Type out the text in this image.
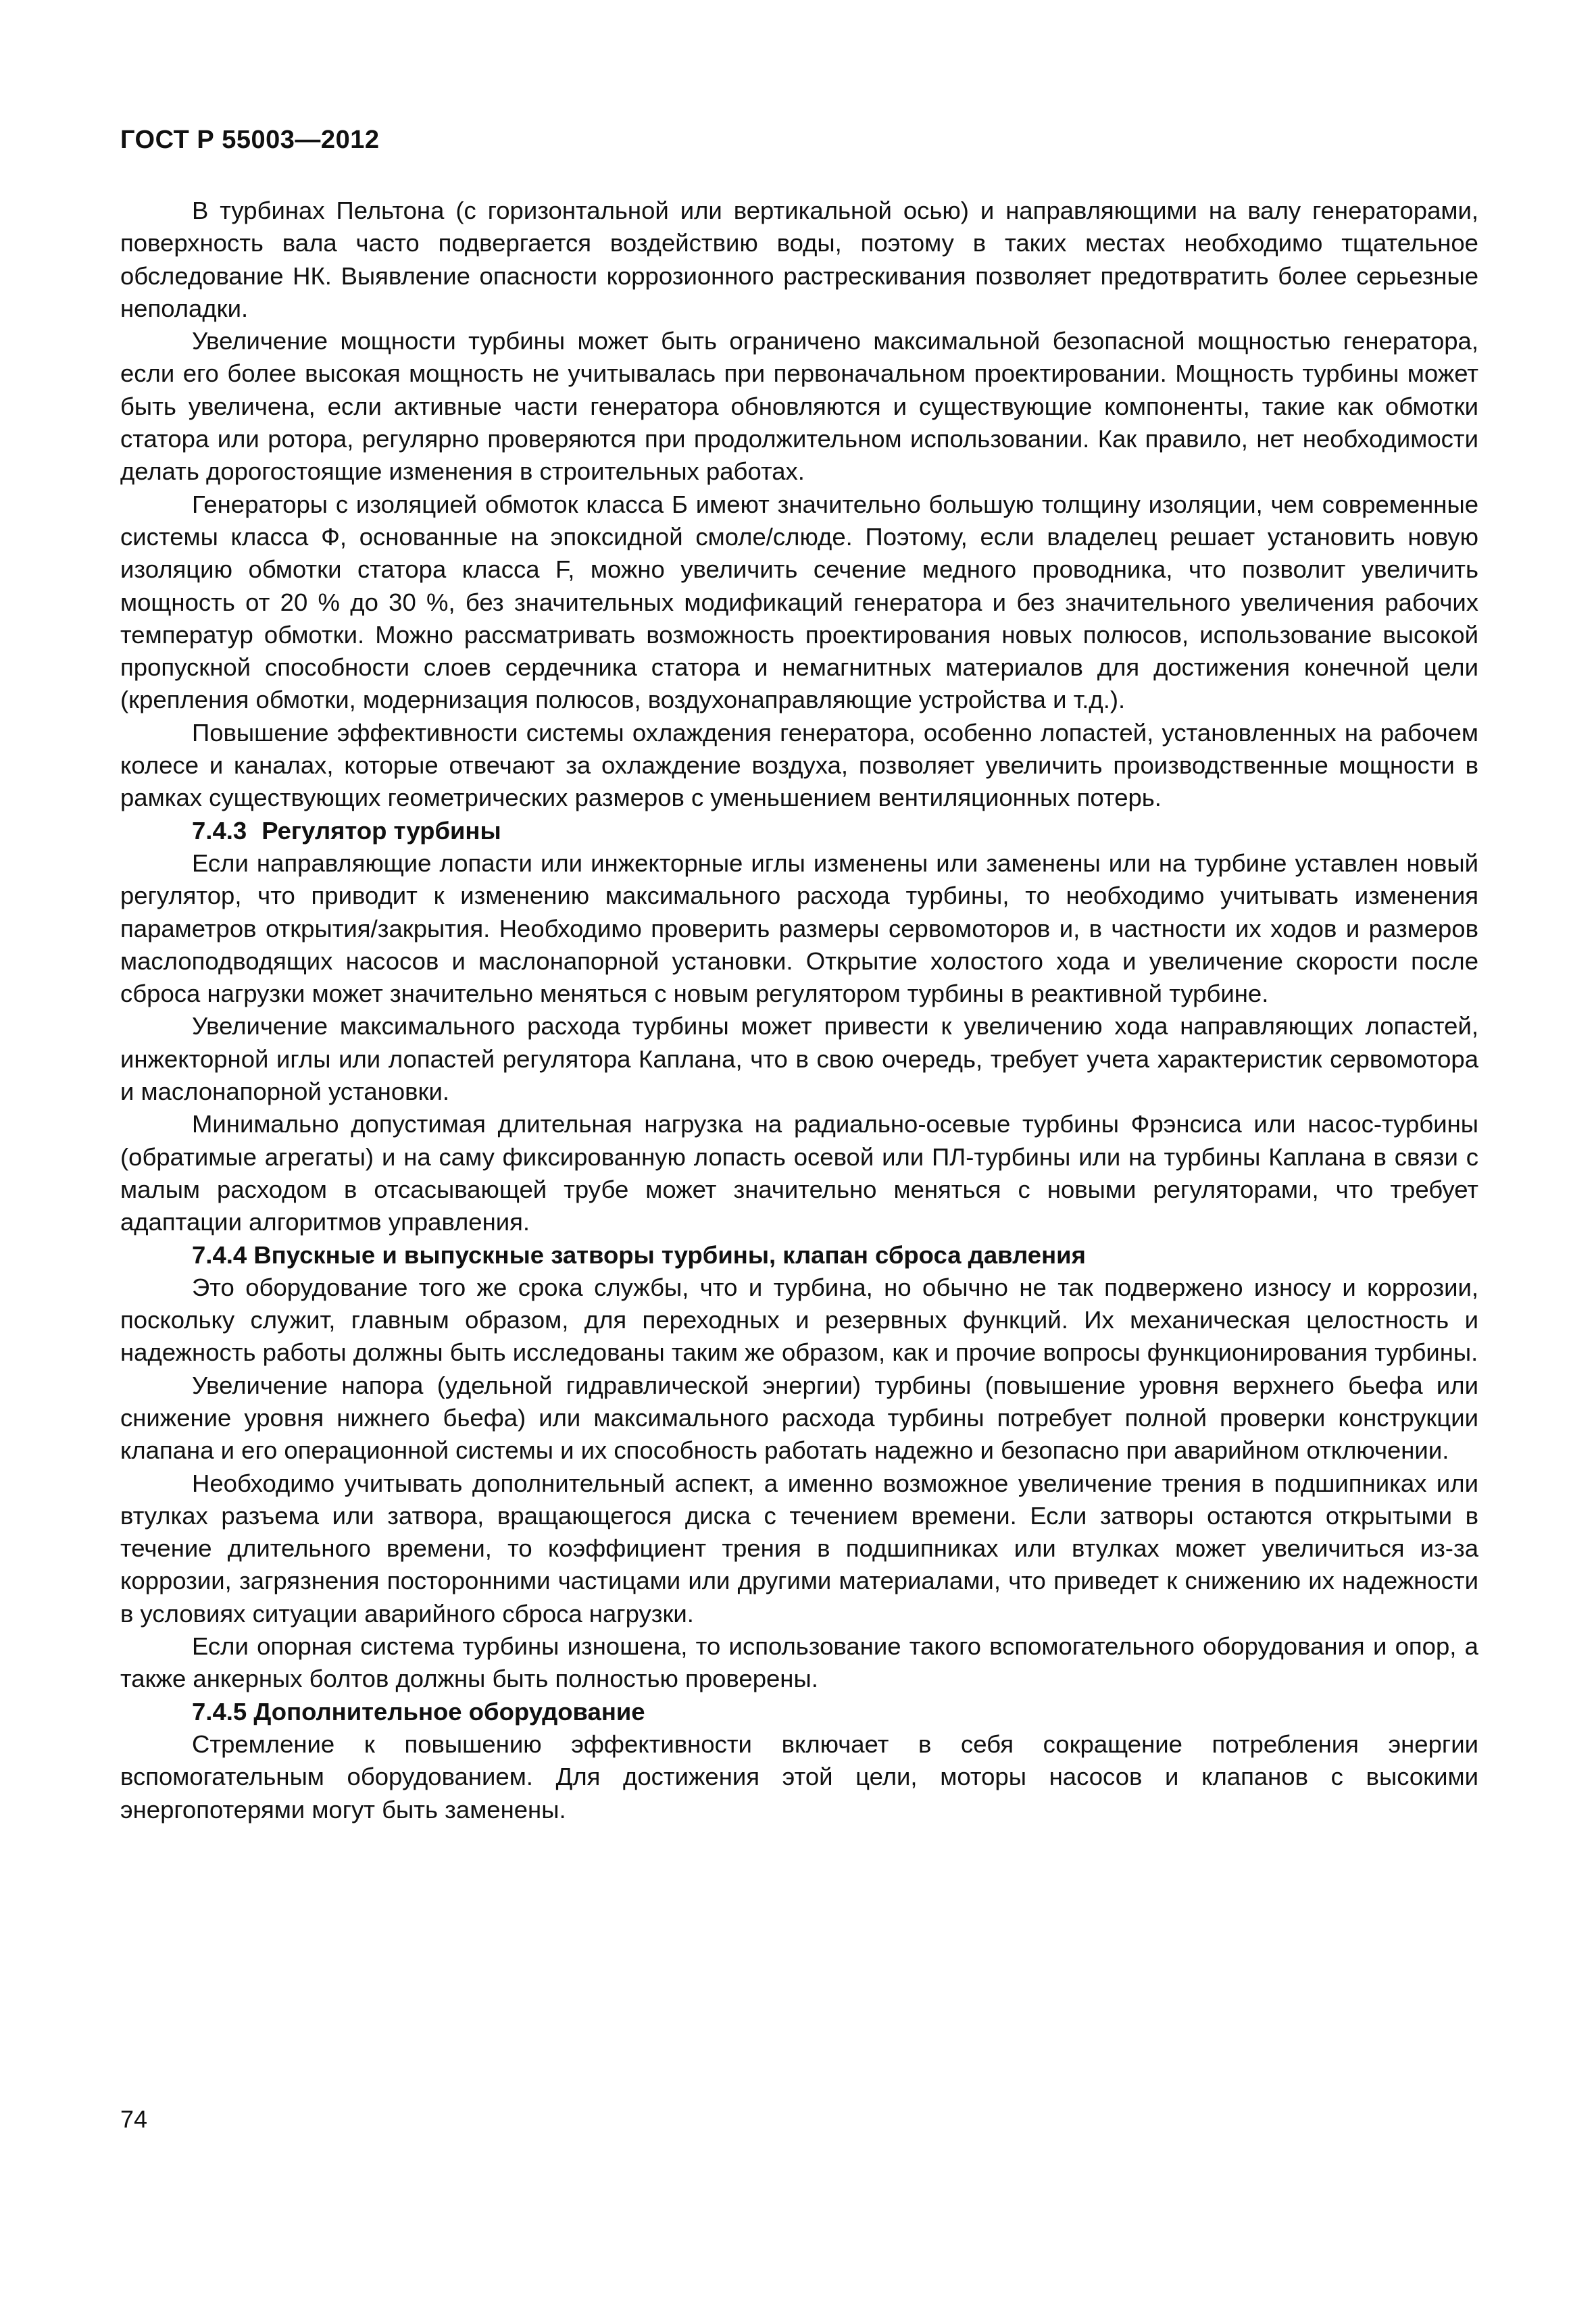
ГОСТ Р 55003—2012

В турбинах Пельтона (с горизонтальной или вертикальной осью) и направляющими на валу генераторами, поверхность вала часто подвергается воздействию воды, поэтому в таких местах необходимо тщательное обследование НК. Выявление опасности коррозионного растрескивания позволяет предотвратить более серьезные неполадки.

Увеличение мощности турбины может быть ограничено максимальной безопасной мощностью генератора, если его более высокая мощность не учитывалась при первоначальном проектировании. Мощность турбины может быть увеличена, если активные части генератора обновляются и существующие компоненты, такие как обмотки статора или ротора, регулярно проверяются при продолжительном использовании. Как правило, нет необходимости делать дорогостоящие изменения в строительных работах.

Генераторы с изоляцией обмоток класса Б имеют значительно большую толщину изоляции, чем современные системы класса Ф, основанные на эпоксидной смоле/слюде. Поэтому, если владелец решает установить новую изоляцию обмотки статора класса F, можно увеличить сечение медного проводника, что позволит увеличить мощность от 20 % до 30 %, без значительных модификаций генератора и без значительного увеличения рабочих температур обмотки. Можно рассматривать возможность проектирования новых полюсов, использование высокой пропускной способности слоев сердечника статора и немагнитных материалов для достижения конечной цели (крепления обмотки, модернизация полюсов, воздухонаправляющие устройства и т.д.).

Повышение эффективности системы охлаждения генератора, особенно лопастей, установленных на рабочем колесе и каналах, которые отвечают за охлаждение воздуха, позволяет увеличить производственные мощности в рамках существующих геометрических размеров с уменьшением вентиляционных потерь.

7.4.3 Регулятор турбины

Если направляющие лопасти или инжекторные иглы изменены или заменены или на турбине уставлен новый регулятор, что приводит к изменению максимального расхода турбины, то необходимо учитывать изменения параметров открытия/закрытия. Необходимо проверить размеры сервомоторов и, в частности их ходов и размеров маслоподводящих насосов и маслонапорной установки. Открытие холостого хода и увеличение скорости после сброса нагрузки может значительно меняться с новым регулятором турбины в реактивной турбине.

Увеличение максимального расхода турбины может привести к увеличению хода направляющих лопастей, инжекторной иглы или лопастей регулятора Каплана, что в свою очередь, требует учета характеристик сервомотора и маслонапорной установки.

Минимально допустимая длительная нагрузка на радиально-осевые турбины Фрэнсиса или насос-турбины (обратимые агрегаты) и на саму фиксированную лопасть осевой или ПЛ-турбины или на турбины Каплана в связи с малым расходом в отсасывающей трубе может значительно меняться с новыми регуляторами, что требует адаптации алгоритмов управления.

7.4.4 Впускные и выпускные затворы турбины, клапан сброса давления

Это оборудование того же срока службы, что и турбина, но обычно не так подвержено износу и коррозии, поскольку служит, главным образом, для переходных и резервных функций. Их механическая целостность и надежность работы должны быть исследованы таким же образом, как и прочие вопросы функционирования турбины.

Увеличение напора (удельной гидравлической энергии) турбины (повышение уровня верхнего бьефа или снижение уровня нижнего бьефа) или максимального расхода турбины потребует полной проверки конструкции клапана и его операционной системы и их способность работать надежно и безопасно при аварийном отключении.

Необходимо учитывать дополнительный аспект, а именно возможное увеличение трения в подшипниках или втулках разъема или затвора, вращающегося диска с течением времени. Если затворы остаются открытыми в течение длительного времени, то коэффициент трения в подшипниках или втулках может увеличиться из-за коррозии, загрязнения посторонними частицами или другими материалами, что приведет к снижению их надежности в условиях ситуации аварийного сброса нагрузки.

Если опорная система турбины изношена, то использование такого вспомогательного оборудования и опор, а также анкерных болтов должны быть полностью проверены.

7.4.5 Дополнительное оборудование

Стремление к повышению эффективности включает в себя сокращение потребления энергии вспомогательным оборудованием. Для достижения этой цели, моторы насосов и клапанов с высокими энергопотерями могут быть заменены.

74
